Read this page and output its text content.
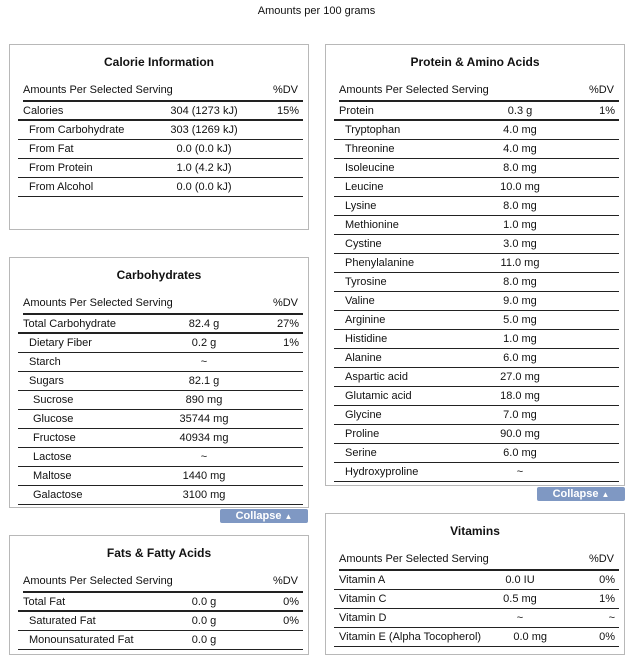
Amounts per 100 grams
Calorie Information
Amounts Per Selected Serving	%DV
Calories	304 (1273 kJ)	15%
From Carbohydrate	303 (1269 kJ)
From Fat	0.0 (0.0 kJ)
From Protein	1.0 (4.2 kJ)
From Alcohol	0.0 (0.0 kJ)
Carbohydrates
Amounts Per Selected Serving	%DV
Total Carbohydrate	82.4 g	27%
Dietary Fiber	0.2 g	1%
Starch	~
Sugars	82.1 g
Sucrose	890 mg
Glucose	35744 mg
Fructose	40934 mg
Lactose	~
Maltose	1440 mg
Galactose	3100 mg
Collapse ▲
Fats & Fatty Acids
Amounts Per Selected Serving	%DV
Total Fat	0.0 g	0%
Saturated Fat	0.0 g	0%
Monounsaturated Fat	0.0 g
Protein & Amino Acids
Amounts Per Selected Serving	%DV
Protein	0.3 g	1%
Tryptophan	4.0 mg
Threonine	4.0 mg
Isoleucine	8.0 mg
Leucine	10.0 mg
Lysine	8.0 mg
Methionine	1.0 mg
Cystine	3.0 mg
Phenylalanine	11.0 mg
Tyrosine	8.0 mg
Valine	9.0 mg
Arginine	5.0 mg
Histidine	1.0 mg
Alanine	6.0 mg
Aspartic acid	27.0 mg
Glutamic acid	18.0 mg
Glycine	7.0 mg
Proline	90.0 mg
Serine	6.0 mg
Hydroxyproline	~
Collapse ▲
Vitamins
Amounts Per Selected Serving	%DV
Vitamin A	0.0 IU	0%
Vitamin C	0.5 mg	1%
Vitamin D	~	~
Vitamin E (Alpha Tocopherol)	0.0 mg	0%
